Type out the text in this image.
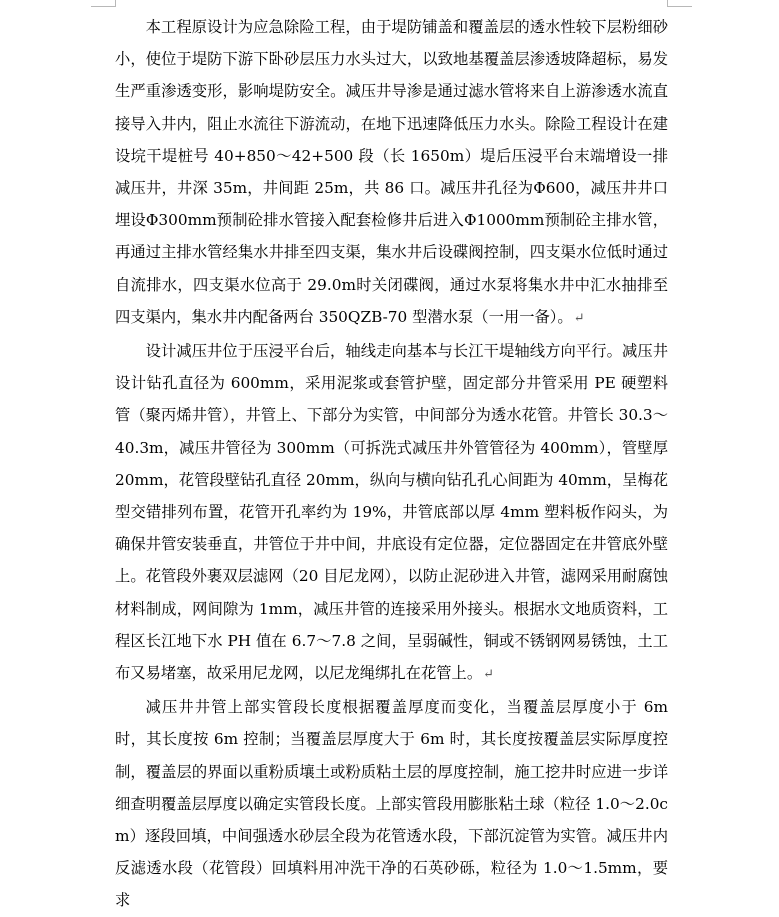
本工程原设计为应急除险工程，由于堤防铺盖和覆盖层的透水性较下层粉细砂小，使位于堤防下游下卧砂层压力水头过大，以致地基覆盖层渗透坡降超标，易发生严重渗透变形，影响堤防安全。减压井导渗是通过滤水管将来自上游渗透水流直接导入井内，阻止水流往下游流动，在地下迅速降低压力水头。除险工程设计在建设垸干堤桩号 40+850～42+500 段（长 1650m）堤后压浸平台末端增设一排减压井，井深 35m，井间距 25m，共 86 口。减压井孔径为Φ600，减压井井口埋设Φ300mm预制砼排水管接入配套检修井后进入Φ1000mm预制砼主排水管，再通过主排水管经集水井排至四支渠，集水井后设碟阀控制，四支渠水位低时通过自流排水，四支渠水位高于 29.0m时关闭碟阀，通过水泵将集水井中汇水抽排至四支渠内，集水井内配备两台 350QZB-70 型潜水泵（一用一备）。↵

设计减压井位于压浸平台后，轴线走向基本与长江干堤轴线方向平行。减压井设计钻孔直径为 600mm，采用泥浆或套管护壁，固定部分井管采用 PE 硬塑料管（聚丙烯井管），井管上、下部分为实管，中间部分为透水花管。井管长 30.3～40.3m，减压井管径为 300mm（可拆洗式减压井外管管径为 400mm），管壁厚 20mm，花管段壁钻孔直径 20mm，纵向与横向钻孔孔心间距为 40mm，呈梅花型交错排列布置，花管开孔率约为 19%，井管底部以厚 4mm 塑料板作闷头，为确保井管安装垂直，井管位于井中间，井底设有定位器，定位器固定在井管底外壁上。花管段外裹双层滤网（20 目尼龙网），以防止泥砂进入井管，滤网采用耐腐蚀材料制成，网间隙为 1mm，减压井管的连接采用外接头。根据水文地质资料，工程区长江地下水 PH 值在 6.7～7.8 之间，呈弱碱性，铜或不锈钢网易锈蚀，土工布又易堵塞，故采用尼龙网，以尼龙绳绑扎在花管上。↵

减压井井管上部实管段长度根据覆盖厚度而变化，当覆盖层厚度小于 6m 时，其长度按 6m 控制；当覆盖层厚度大于 6m 时，其长度按覆盖层实际厚度控制，覆盖层的界面以重粉质壤土或粉质粘土层的厚度控制，施工挖井时应进一步详细查明覆盖层厚度以确定实管段长度。上部实管段用膨胀粘土球（粒径 1.0～2.0cm）逐段回填，中间强透水砂层全段为花管透水段，下部沉淀管为实管。减压井内反滤透水段（花管段）回填料用冲洗干净的石英砂砾，粒径为 1.0～1.5mm，要求
